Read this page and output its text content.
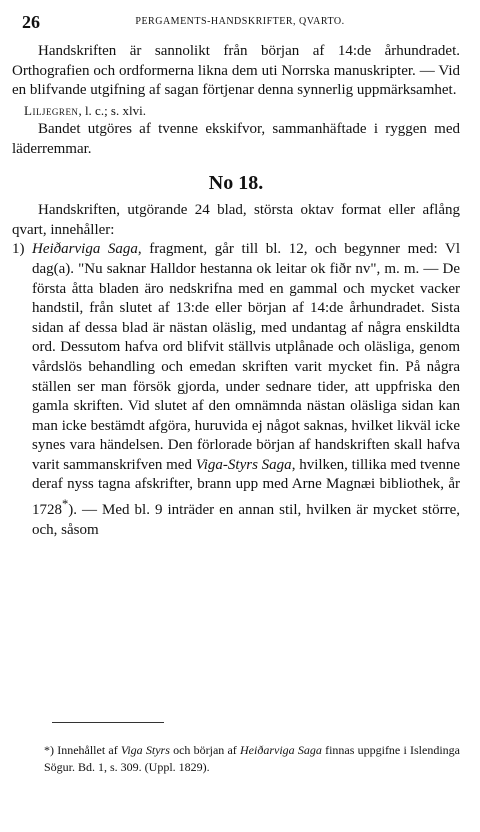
26	PERGAMENTS-HANDSKRIFTER, QVARTO.

Handskriften är sannolikt från början af 14:de århundradet. Orthografien och ordformerna likna dem uti Norrska manuskripter. — Vid en blifvande utgifning af sagan förtjenar denna synnerlig uppmärksamhet.

Liljegren, l. c.; s. xlvi.

Bandet utgöres af tvenne ekskifvor, sammanhäftade i ryggen med läderremmar.

No 18.

Handskriften, utgörande 24 blad, största oktav format eller aflång qvart, innehåller:

1) Heiðarviga Saga, fragment, går till bl. 12, och begynner med: Vl dag(a). "Nu saknar Halldor hestanna ok leitar ok fiðr nv", m. m. — De första åtta bladen äro nedskrifna med en gammal och mycket vacker handstil, från slutet af 13:de eller början af 14:de århundradet. Sista sidan af dessa blad är nästan oläslig, med undantag af några enskildta ord. Dessutom hafva ord blifvit ställvis utplånade och oläsliga, genom vårdslös behandling och emedan skriften varit mycket fin. På några ställen ser man försök gjorda, under sednare tider, att uppfriska den gamla skriften. Vid slutet af den omnämnda nästan oläsliga sidan kan man icke bestämdt afgöra, huruvida ej något saknas, hvilket likväl icke synes vara händelsen. Den förlorade början af handskriften skall hafva varit sammanskrifven med Viga-Styrs Saga, hvilken, tillika med tvenne deraf nyss tagna afskrifter, brann upp med Arne Magnæi bibliothek, år 1728*). — Med bl. 9 inträder en annan stil, hvilken är mycket större, och, såsom

*) Innehållet af Viga Styrs och början af Heiðarviga Saga finnas uppgifne i Islendinga Sögur. Bd. 1, s. 309. (Uppl. 1829).
